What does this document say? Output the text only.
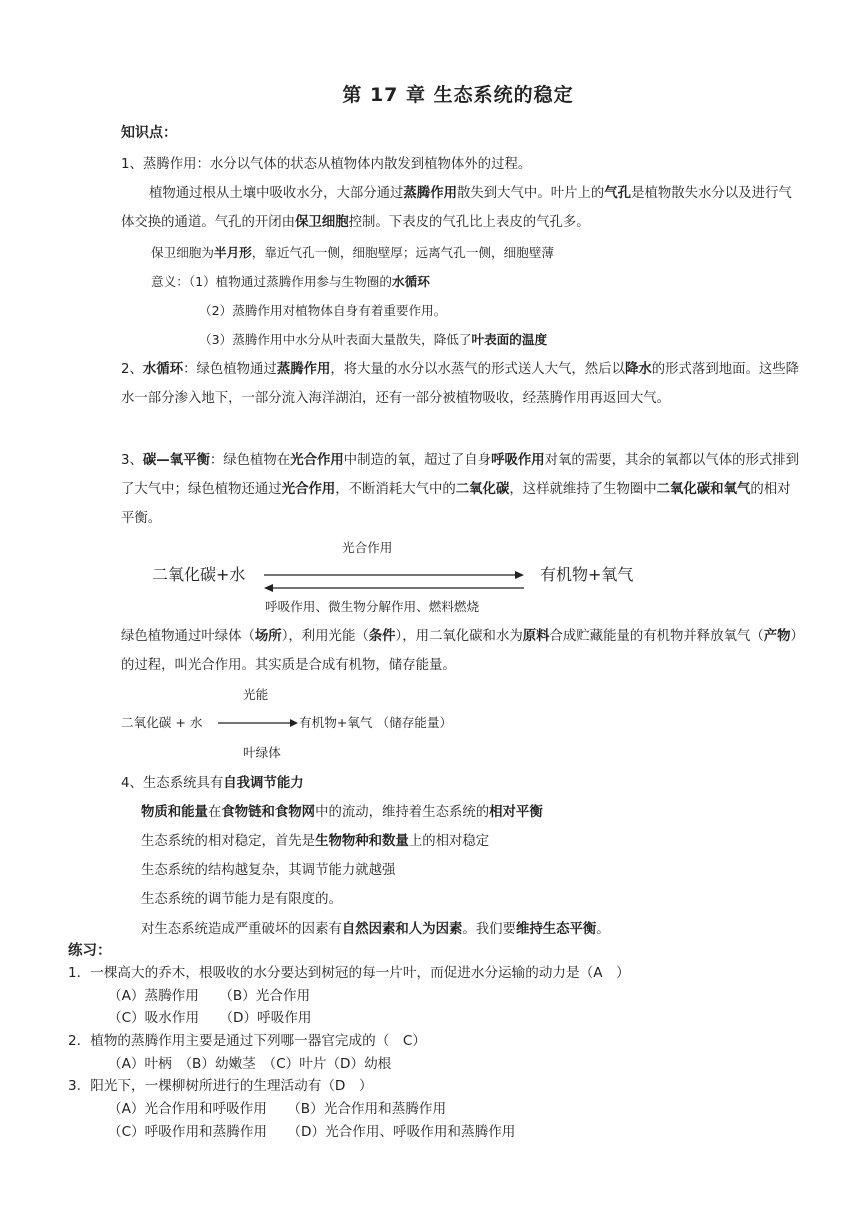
第 17 章 生态系统的稳定
知识点：
1、蒸腾作用：水分以气体的状态从植物体内散发到植物体外的过程。
植物通过根从土壤中吸收水分，大部分通过蒸腾作用散失到大气中。叶片上的气孔是植物散失水分以及进行气体交换的通道。气孔的开闭由保卫细胞控制。下表皮的气孔比上表皮的气孔多。
保卫细胞为半月形，靠近气孔一侧，细胞壁厚；远离气孔一侧，细胞壁薄
意义：（1）植物通过蒸腾作用参与生物圈的水循环
（2）蒸腾作用对植物体自身有着重要作用。
（3）蒸腾作用中水分从叶表面大量散失，降低了叶表面的温度
2、水循环：绿色植物通过蒸腾作用，将大量的水分以水蒸气的形式送人大气，然后以降水的形式落到地面。这些降水一部分渗入地下，一部分流入海洋湖泊，还有一部分被植物吸收，经蒸腾作用再返回大气。
3、碳—氧平衡：绿色植物在光合作用中制造的氧，超过了自身呼吸作用对氧的需要，其余的氧都以气体的形式排到了大气中；绿色植物还通过光合作用，不断消耗大气中的二氧化碳，这样就维持了生物圈中二氧化碳和氧气的相对平衡。
光合作用
二氧化碳+水	有机物+氧气
呼吸作用、微生物分解作用、燃料燃烧
绿色植物通过叶绿体（场所），利用光能（条件），用二氧化碳和水为原料合成贮藏能量的有机物并释放氧气（产物）的过程，叫光合作用。其实质是合成有机物，储存能量。
光能
二氧化碳 + 水	有机物+氧气 （储存能量）
叶绿体
4、生态系统具有自我调节能力
物质和能量在食物链和食物网中的流动，维持着生态系统的相对平衡
生态系统的相对稳定，首先是生物物种和数量上的相对稳定
生态系统的结构越复杂，其调节能力就越强
生态系统的调节能力是有限度的。
对生态系统造成严重破坏的因素有自然因素和人为因素。我们要维持生态平衡。
练习：
1．一棵高大的乔木，根吸收的水分要达到树冠的每一片叶，而促进水分运输的动力是（A　）
（A）蒸腾作用　　（B）光合作用
（C）吸水作用　　（D）呼吸作用
2．植物的蒸腾作用主要是通过下列哪一器官完成的（　C）
（A）叶柄　（B）幼嫩茎　（C）叶片（D）幼根
3．阳光下，一棵柳树所进行的生理活动有（D　）
（A）光合作用和呼吸作用　　（B）光合作用和蒸腾作用
（C）呼吸作用和蒸腾作用　　（D）光合作用、呼吸作用和蒸腾作用
